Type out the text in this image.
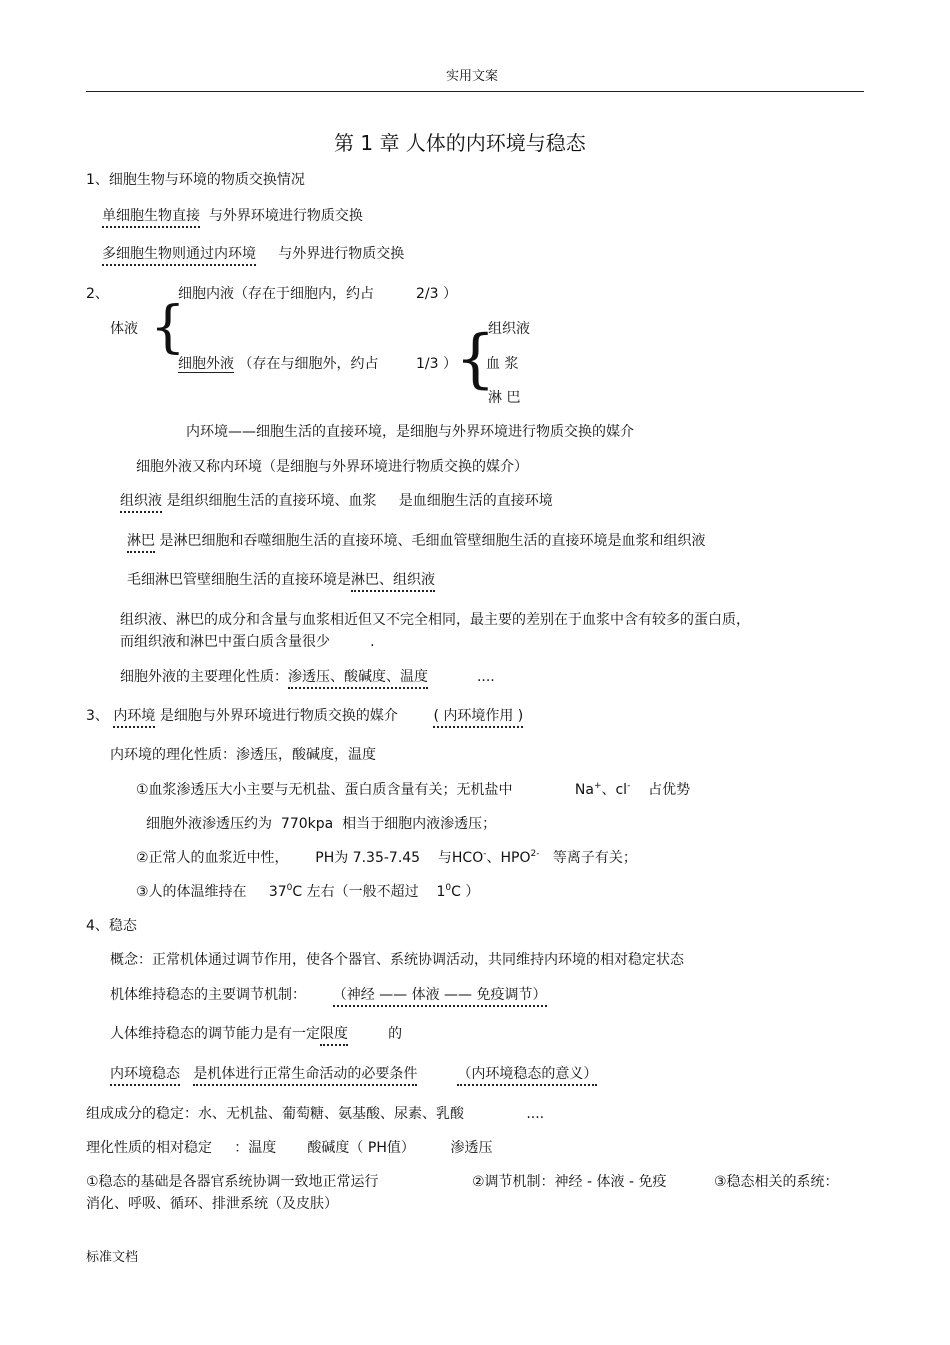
实用文案
第 1 章 人体的内环境与稳态
1、细胞生物与环境的物质交换情况
单细胞生物直接 与外界环境进行物质交换
多细胞生物则通过内环境 与外界进行物质交换
2、	细胞内液（存在于细胞内，约占	2/3 ）
体液 {
细胞外液 （存在与细胞外，约占	1/3 ）
{
组织液
血 浆
淋 巴
内环境——细胞生活的直接环境，是细胞与外界环境进行物质交换的媒介
细胞外液又称内环境（是细胞与外界环境进行物质交换的媒介）
组织液 是组织细胞生活的直接环境、血浆 是血细胞生活的直接环境
淋巴 是淋巴细胞和吞噬细胞生活的直接环境、毛细血管壁细胞生活的直接环境是血浆和组织液
毛细淋巴管壁细胞生活的直接环境是淋巴、组织液
组织液、淋巴的成分和含量与血浆相近但又不完全相同，最主要的差别在于血浆中含有较多的蛋白质，
而组织液和淋巴中蛋白质含量很少	.
细胞外液的主要理化性质：渗透压、酸碱度、温度	....
3、 内环境 是细胞与外界环境进行物质交换的媒介	( 内环境作用 )
内环境的理化性质：渗透压，酸碱度，温度
①血浆渗透压大小主要与无机盐、蛋白质含量有关；无机盐中	Na+、cl- 占优势
细胞外液渗透压约为 770kpa 相当于细胞内液渗透压；
②正常人的血浆近中性， PH为 7.35-7.45 与HCO-、$HPO^{2-}$ 等离子有关；
③人的体温维持在 $37^0C$ 左右（一般不超过 $1^0C$ ）
4、稳态
概念：正常机体通过调节作用，使各个器官、系统协调活动，共同维持内环境的相对稳定状态
机体维持稳态的主要调节机制： （神经 —— 体液 —— 免疫调节）
人体维持稳态的调节能力是有一定限度	的
内环境稳态 是机体进行正常生命活动的必要条件	（内环境稳态的意义）
组成成分的稳定：水、无机盐、葡萄糖、氨基酸、尿素、乳酸	....
理化性质的相对稳定 ：温度 酸碱度（ PH值）	渗透压
①稳态的基础是各器官系统协调一致地正常运行	②调节机制：神经 - 体液 - 免疫	③稳态相关的系统：
消化、呼吸、循环、排泄系统（及皮肤）
标准文档
